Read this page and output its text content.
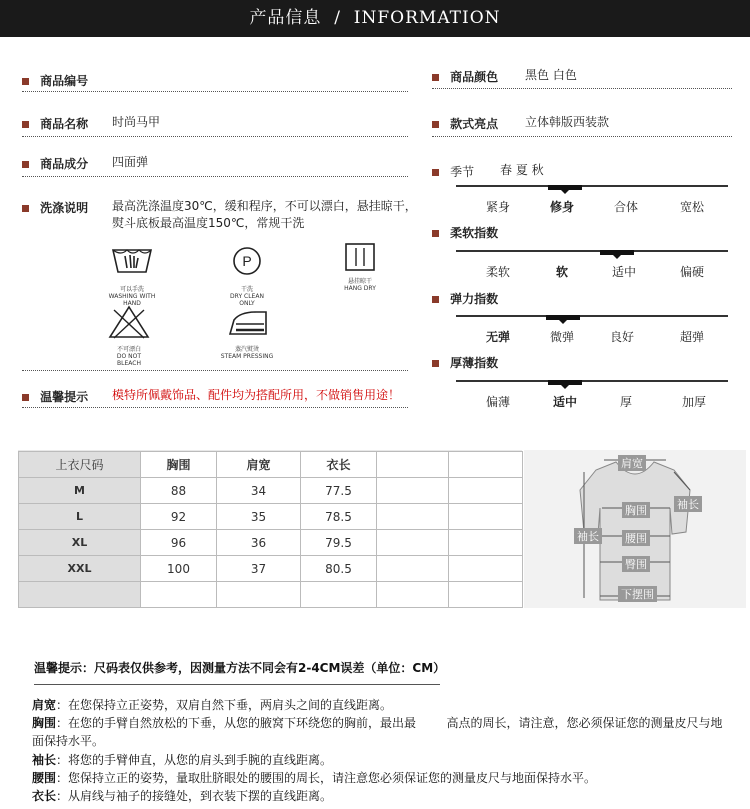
产品信息 / INFORMATION
商品编号
商品名称 时尚马甲
商品成分 四面弹
洗涤说明 最高洗涤温度30℃，缓和程序，不可以漂白，悬挂晾干，
熨斗底板最高温度150℃，常规干洗
可以手洗
WASHING WITH HAND
P
干洗
DRY CLEAN ONLY
悬挂晾干
HANG DRY
不可漂白
DO NOT BLEACH
蒸汽熨烫
STEAM PRESSING
温馨提示 模特所佩戴饰品、配件均为搭配所用，不做销售用途！
商品颜色 黑色 白色
款式亮点 立体韩版西装款
季节 春 夏 秋
紧身	修身	合体	宽松
柔软指数
柔软	软	适中	偏硬
弹力指数
无弹	微弹	良好	超弹
厚薄指数
偏薄	适中	厚	加厚
上衣尺码	胸围	肩宽	衣长		
M	88	34	77.5		
L	92	35	78.5		
XL	96	36	79.5		
XXL	100	37	80.5		

肩宽
袖长
胸围
袖长 腰围
臀围
下摆围
温馨提示：尺码表仅供参考，因测量方法不同会有2-4CM误差（单位：CM）
肩宽：在您保持立正姿势，双肩自然下垂，两肩头之间的直线距离。
胸围：在您的手臂自然放松的下垂，从您的腋窝下环绕您的胸前，最出最        高点的周长，请注意，您必须保证您的测量皮尺与地面保持水平。
袖长：将您的手臂伸直，从您的肩头到手腕的直线距离。
腰围：您保持立正的姿势，量取肚脐眼处的腰围的周长，请注意您必须保证您的测量皮尺与地面保持水平。
衣长：从肩线与袖子的接缝处，到衣装下摆的直线距离。
